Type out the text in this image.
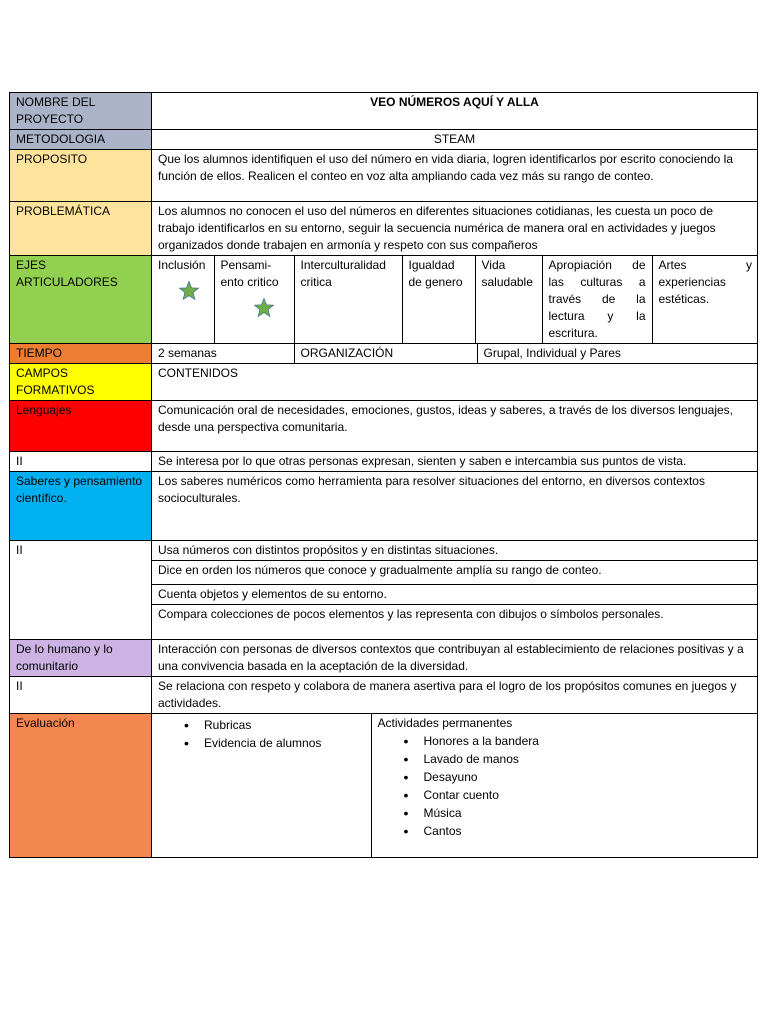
NOMBRE DEL PROYECTO	VEO NÚMEROS AQUÍ Y ALLA
METODOLOGIA	STEAM
PROPOSITO	Que los alumnos identifiquen el uso del número en vida diaria, logren identificarlos por escrito conociendo la función de ellos. Realicen el conteo en voz alta ampliando cada vez más su rango de conteo.
PROBLEMÁTICA	Los alumnos no conocen el uso del números en diferentes situaciones cotidianas, les cuesta un poco de trabajo identificarlos en su entorno, seguir la secuencia numérica de manera oral en actividades y juegos organizados donde trabajen en armonía y respeto con sus compañeros
EJES ARTICULADORES	
Inclusión	Pensami-ento critico
	Interculturalidad critica	Igualdad de genero	Vida saludable	Apropiación de las culturas a través de la lectura y la escritura.	Artes y experiencias estéticas.

TIEMPO		2 semanas	ORGANIZACIÓN	Grupal, Individual y Pares

CAMPOS FORMATIVOS	CONTENIDOS
Lenguajes	Comunicación oral de necesidades, emociones, gustos, ideas y saberes, a través de los diversos lenguajes, desde una perspectiva comunitaria.
II	Se interesa por lo que otras personas expresan, sienten y saben e intercambia sus puntos de vista.
Saberes y pensamiento científico.	Los saberes numéricos como herramienta para resolver situaciones del entorno, en diversos contextos socioculturales.
II		Usa números con distintos propósitos y en distintas situaciones.
Dice en orden los números que conoce y gradualmente amplía su rango de conteo.
Cuenta objetos y elementos de su entorno.
Compara colecciones de pocos elementos y las representa con dibujos o símbolos personales.

De lo humano y lo comunitario	Interacción con personas de diversos contextos que contribuyan al establecimiento de relaciones positivas y a una convivencia basada en la aceptación de la diversidad.
II	Se relaciona con respeto y colabora de manera asertiva para el logro de los propósitos comunes en juegos y actividades.
Evaluación	
•	Rubricas
• Evidencia de alumnos

Actividades permanentes
• Honores a la bandera
• Lavado de manos
• Desayuno
• Contar cuento
• Música
• Cantos
